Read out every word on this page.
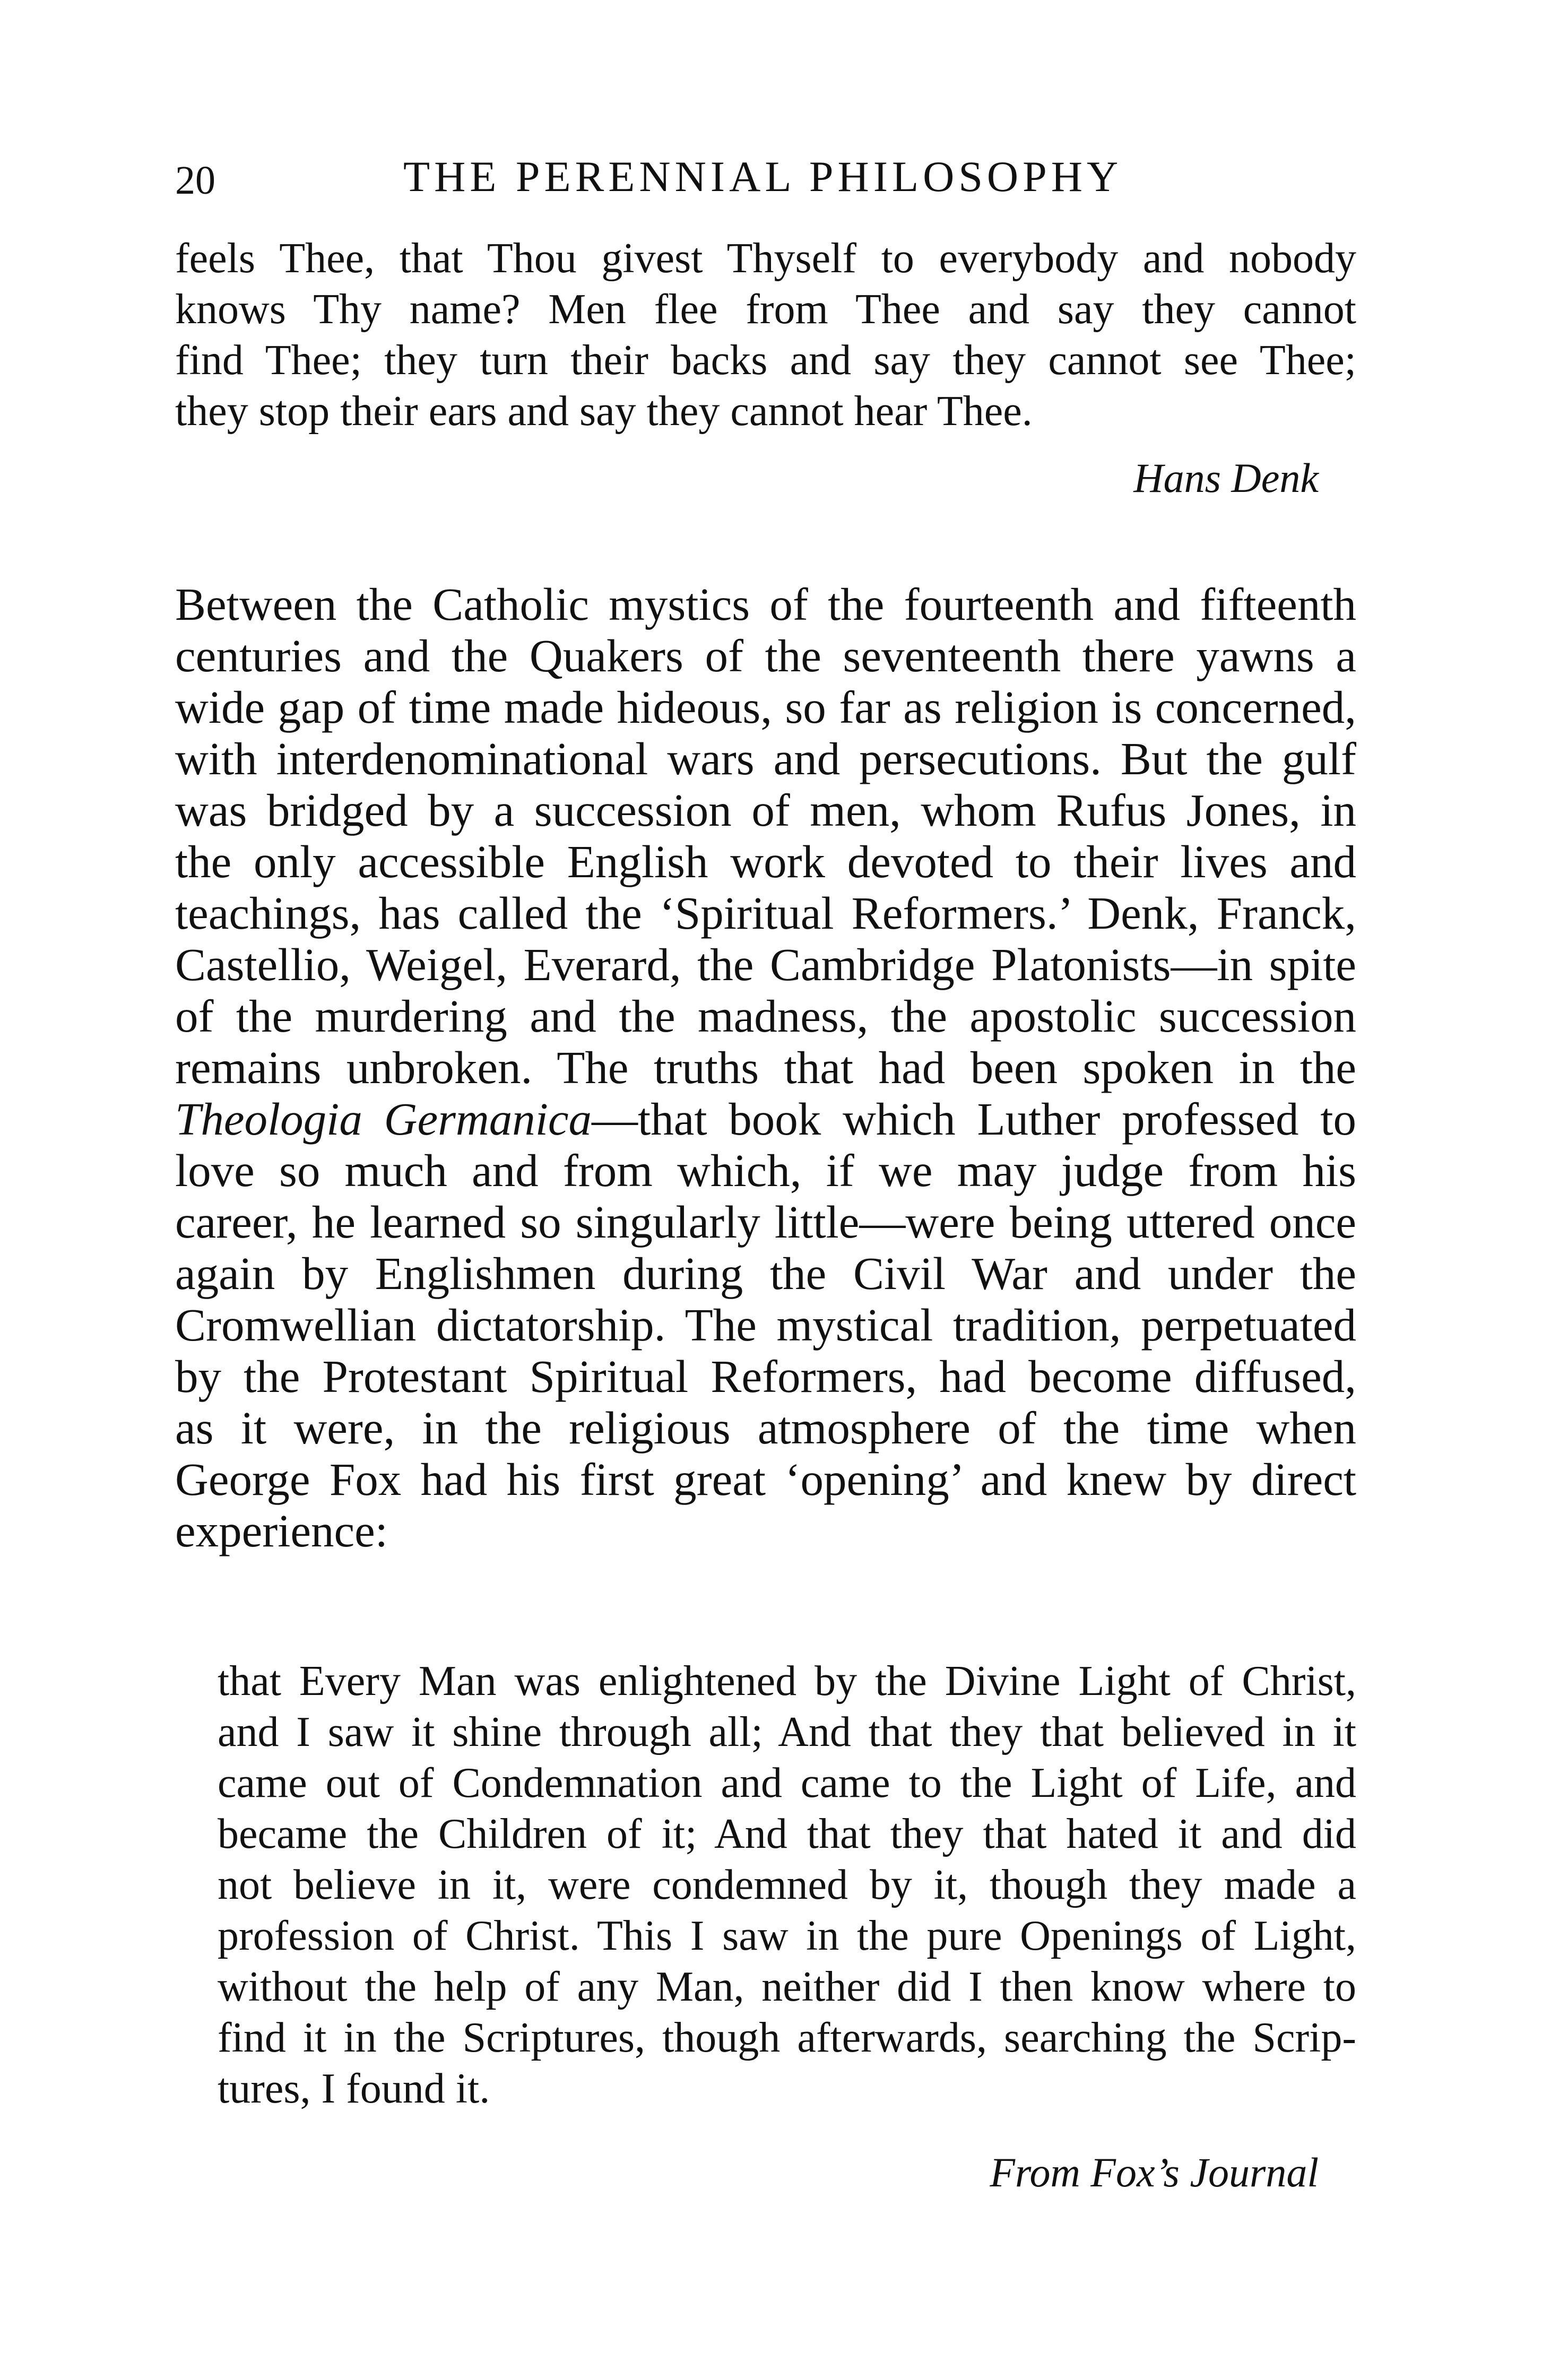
20	THE PERENNIAL PHILOSOPHY
feels Thee, that Thou givest Thyself to everybody and nobody
knows Thy name? Men flee from Thee and say they cannot
find Thee; they turn their backs and say they cannot see Thee;
they stop their ears and say they cannot hear Thee.
Hans Denk
Between the Catholic mystics of the fourteenth and fifteenth
centuries and the Quakers of the seventeenth there yawns a
wide gap of time made hideous, so far as religion is concerned,
with interdenominational wars and persecutions. But the gulf
was bridged by a succession of men, whom Rufus Jones, in
the only accessible English work devoted to their lives and
teachings, has called the ‘Spiritual Reformers.’ Denk, Franck,
Castellio, Weigel, Everard, the Cambridge Platonists—in spite
of the murdering and the madness, the apostolic succession
remains unbroken. The truths that had been spoken in the
Theologia Germanica—that book which Luther professed to
love so much and from which, if we may judge from his
career, he learned so singularly little—were being uttered once
again by Englishmen during the Civil War and under the
Cromwellian dictatorship. The mystical tradition, perpetuated
by the Protestant Spiritual Reformers, had become diffused,
as it were, in the religious atmosphere of the time when
George Fox had his first great ‘opening’ and knew by direct
experience:
that Every Man was enlightened by the Divine Light of Christ,
and I saw it shine through all; And that they that believed in it
came out of Condemnation and came to the Light of Life, and
became the Children of it; And that they that hated it and did
not believe in it, were condemned by it, though they made a
profession of Christ. This I saw in the pure Openings of Light,
without the help of any Man, neither did I then know where to
find it in the Scriptures, though afterwards, searching the Scrip-
tures, I found it.
From Fox’s Journal
